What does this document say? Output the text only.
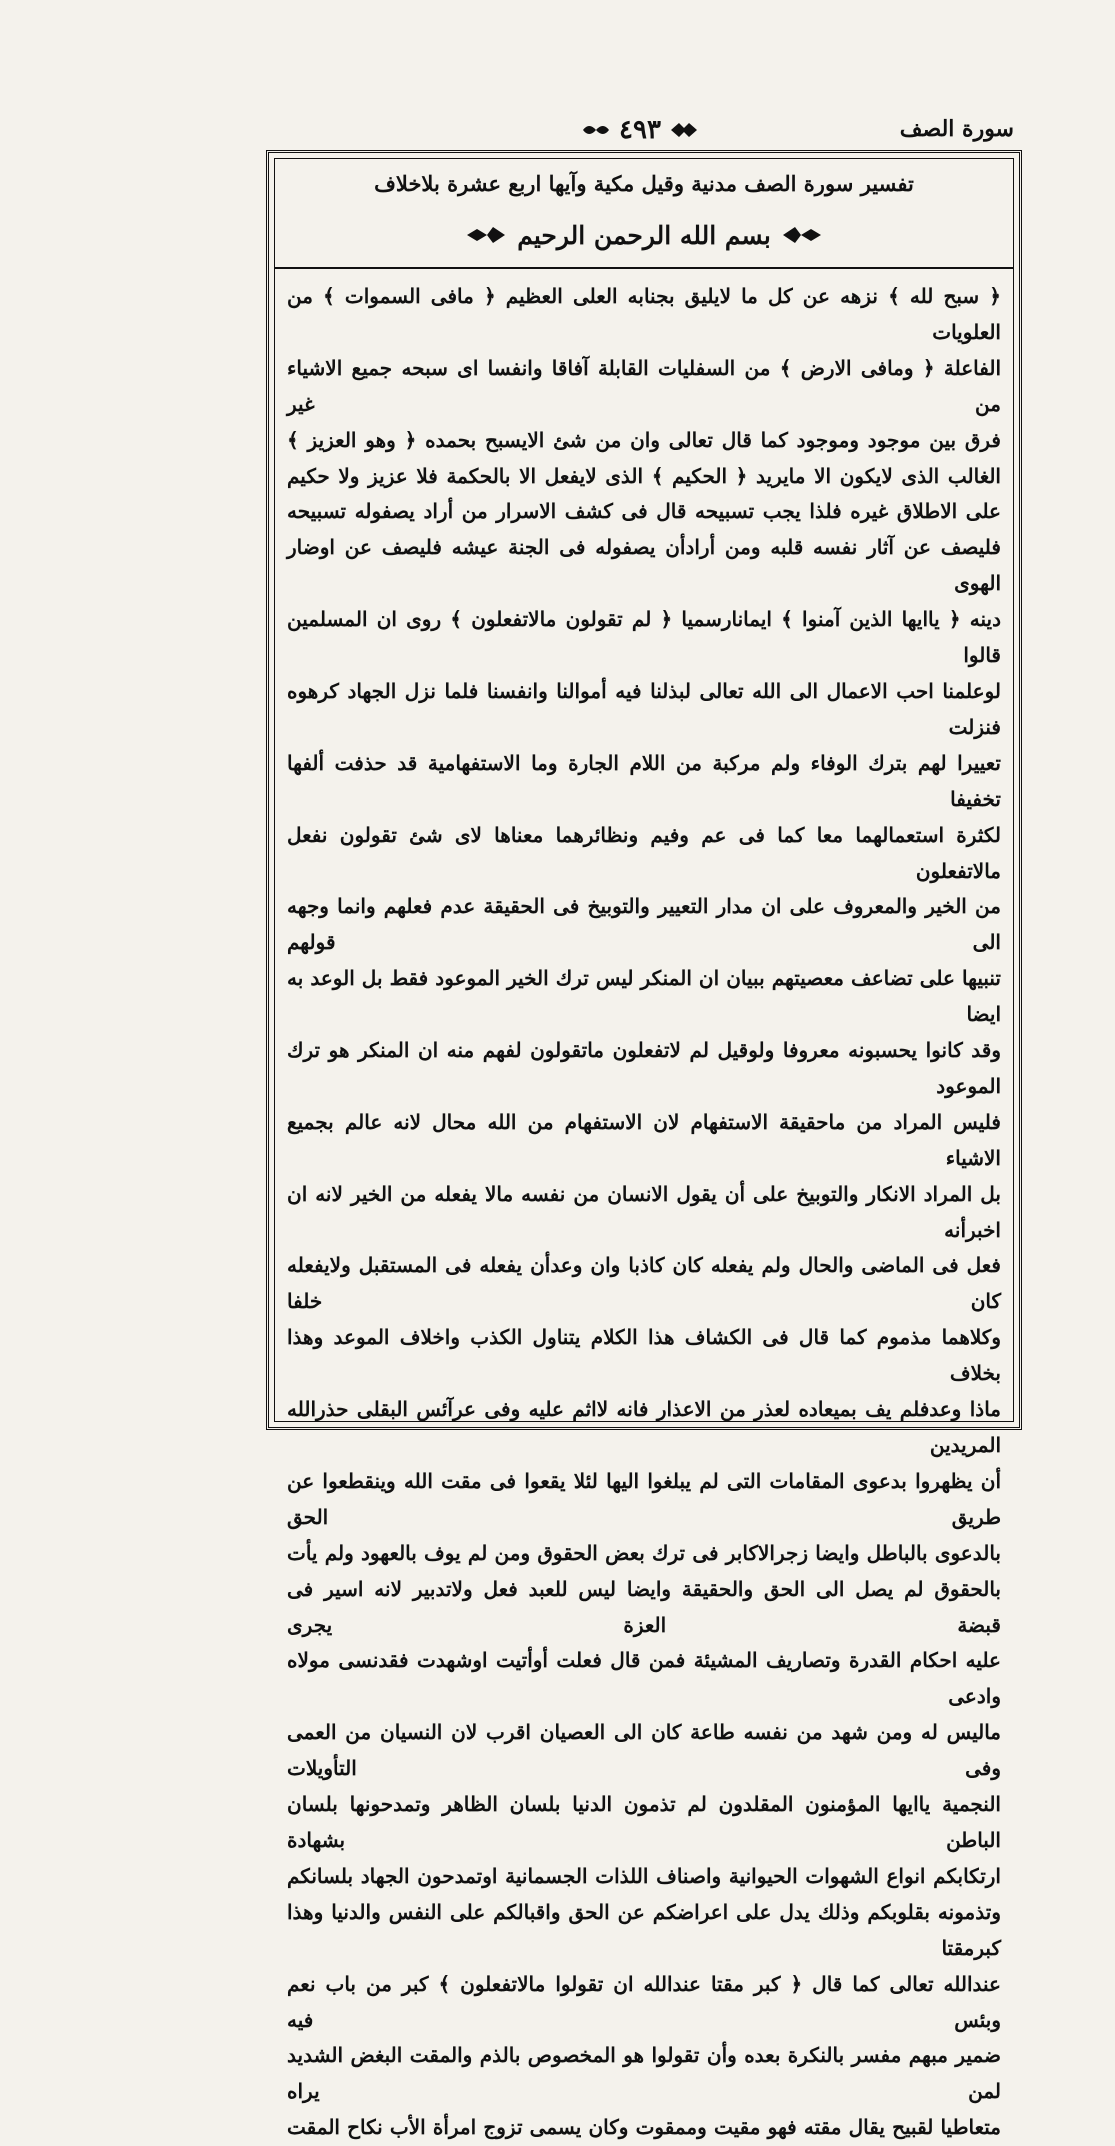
سورة الصف
٤٩٣
تفسير سورة الصف مدنية وقيل مكية وآيها اربع عشرة بلاخلاف
بسم الله الرحمن الرحيم

﴿ سبح لله ﴾ نزهه عن كل ما لايليق بجنابه العلى العظيم ﴿ مافى السموات ﴾ من العلويات

الفاعلة ﴿ ومافى الارض ﴾ من السفليات القابلة آفاقا وانفسا اى سبحه جميع الاشياء من غير

فرق بين موجود وموجود كما قال تعالى وان من شئ الايسبح بحمده ﴿ وهو العزيز ﴾

الغالب الذى لايكون الا مايريد ﴿ الحكيم ﴾ الذى لايفعل الا بالحكمة فلا عزيز ولا حكيم

على الاطلاق غيره فلذا يجب تسبيحه قال فى كشف الاسرار من أراد يصفوله تسبيحه

فليصف عن آثار نفسه قلبه ومن أرادأن يصفوله فى الجنة عيشه فليصف عن اوضار الهوى

دينه ﴿ ياايها الذين آمنوا ﴾ ايمانارسميا ﴿ لم تقولون مالاتفعلون ﴾ روى ان المسلمين قالوا

لوعلمنا احب الاعمال الى الله تعالى لبذلنا فيه أموالنا وانفسنا فلما نزل الجهاد كرهوه فنزلت

تعييرا لهم بترك الوفاء ولم مركبة من اللام الجارة وما الاستفهامية قد حذفت ألفها تخفيفا

لكثرة استعمالهما معا كما فى عم وفيم ونظائرهما معناها لاى شئ تقولون نفعل مالاتفعلون

من الخير والمعروف على ان مدار التعيير والتوبيخ فى الحقيقة عدم فعلهم وانما وجهه الى قولهم

تنبيها على تضاعف معصيتهم ببيان ان المنكر ليس ترك الخير الموعود فقط بل الوعد به ايضا

وقد كانوا يحسبونه معروفا ولوقيل لم لاتفعلون ماتقولون لفهم منه ان المنكر هو ترك الموعود

فليس المراد من ماحقيقة الاستفهام لان الاستفهام من الله محال لانه عالم بجميع الاشياء

بل المراد الانكار والتوبيخ على أن يقول الانسان من نفسه مالا يفعله من الخير لانه ان اخبرأنه

فعل فى الماضى والحال ولم يفعله كان كاذبا وان وعدأن يفعله فى المستقبل ولايفعله كان خلفا

وكلاهما مذموم كما قال فى الكشاف هذا الكلام يتناول الكذب واخلاف الموعد وهذا بخلاف

ماذا وعدفلم يف بميعاده لعذر من الاعذار فانه لااثم عليه وفى عرآئس البقلى حذرالله المريدين

أن يظهروا بدعوى المقامات التى لم يبلغوا اليها لئلا يقعوا فى مقت الله وينقطعوا عن طريق الحق

بالدعوى بالباطل وايضا زجرالاكابر فى ترك بعض الحقوق ومن لم يوف بالعهود ولم يأت

بالحقوق لم يصل الى الحق والحقيقة وايضا ليس للعبد فعل ولاتدبير لانه اسير فى قبضة العزة يجرى

عليه احكام القدرة وتصاريف المشيئة فمن قال فعلت أوأتيت اوشهدت فقدنسى مولاه وادعى

ماليس له ومن شهد من نفسه طاعة كان الى العصيان اقرب لان النسيان من العمى وفى التأويلات

النجمية ياايها المؤمنون المقلدون لم تذمون الدنيا بلسان الظاهر وتمدحونها بلسان الباطن بشهادة

ارتكابكم انواع الشهوات الحيوانية واصناف اللذات الجسمانية اوتمدحون الجهاد بلسانكم

وتذمونه بقلوبكم وذلك يدل على اعراضكم عن الحق واقبالكم على النفس والدنيا وهذا كبرمقتا

عندالله تعالى كما قال ﴿ كبر مقتا عندالله ان تقولوا مالاتفعلون ﴾ كبر من باب نعم وبئس فيه

ضمير مبهم مفسر بالنكرة بعده وأن تقولوا هو المخصوص بالذم والمقت البغض الشديد لمن يراه

متعاطيا لقبيح يقال مقته فهو مقيت وممقوت وكان يسمى تزوج امرأة الأب نكاح المقت
